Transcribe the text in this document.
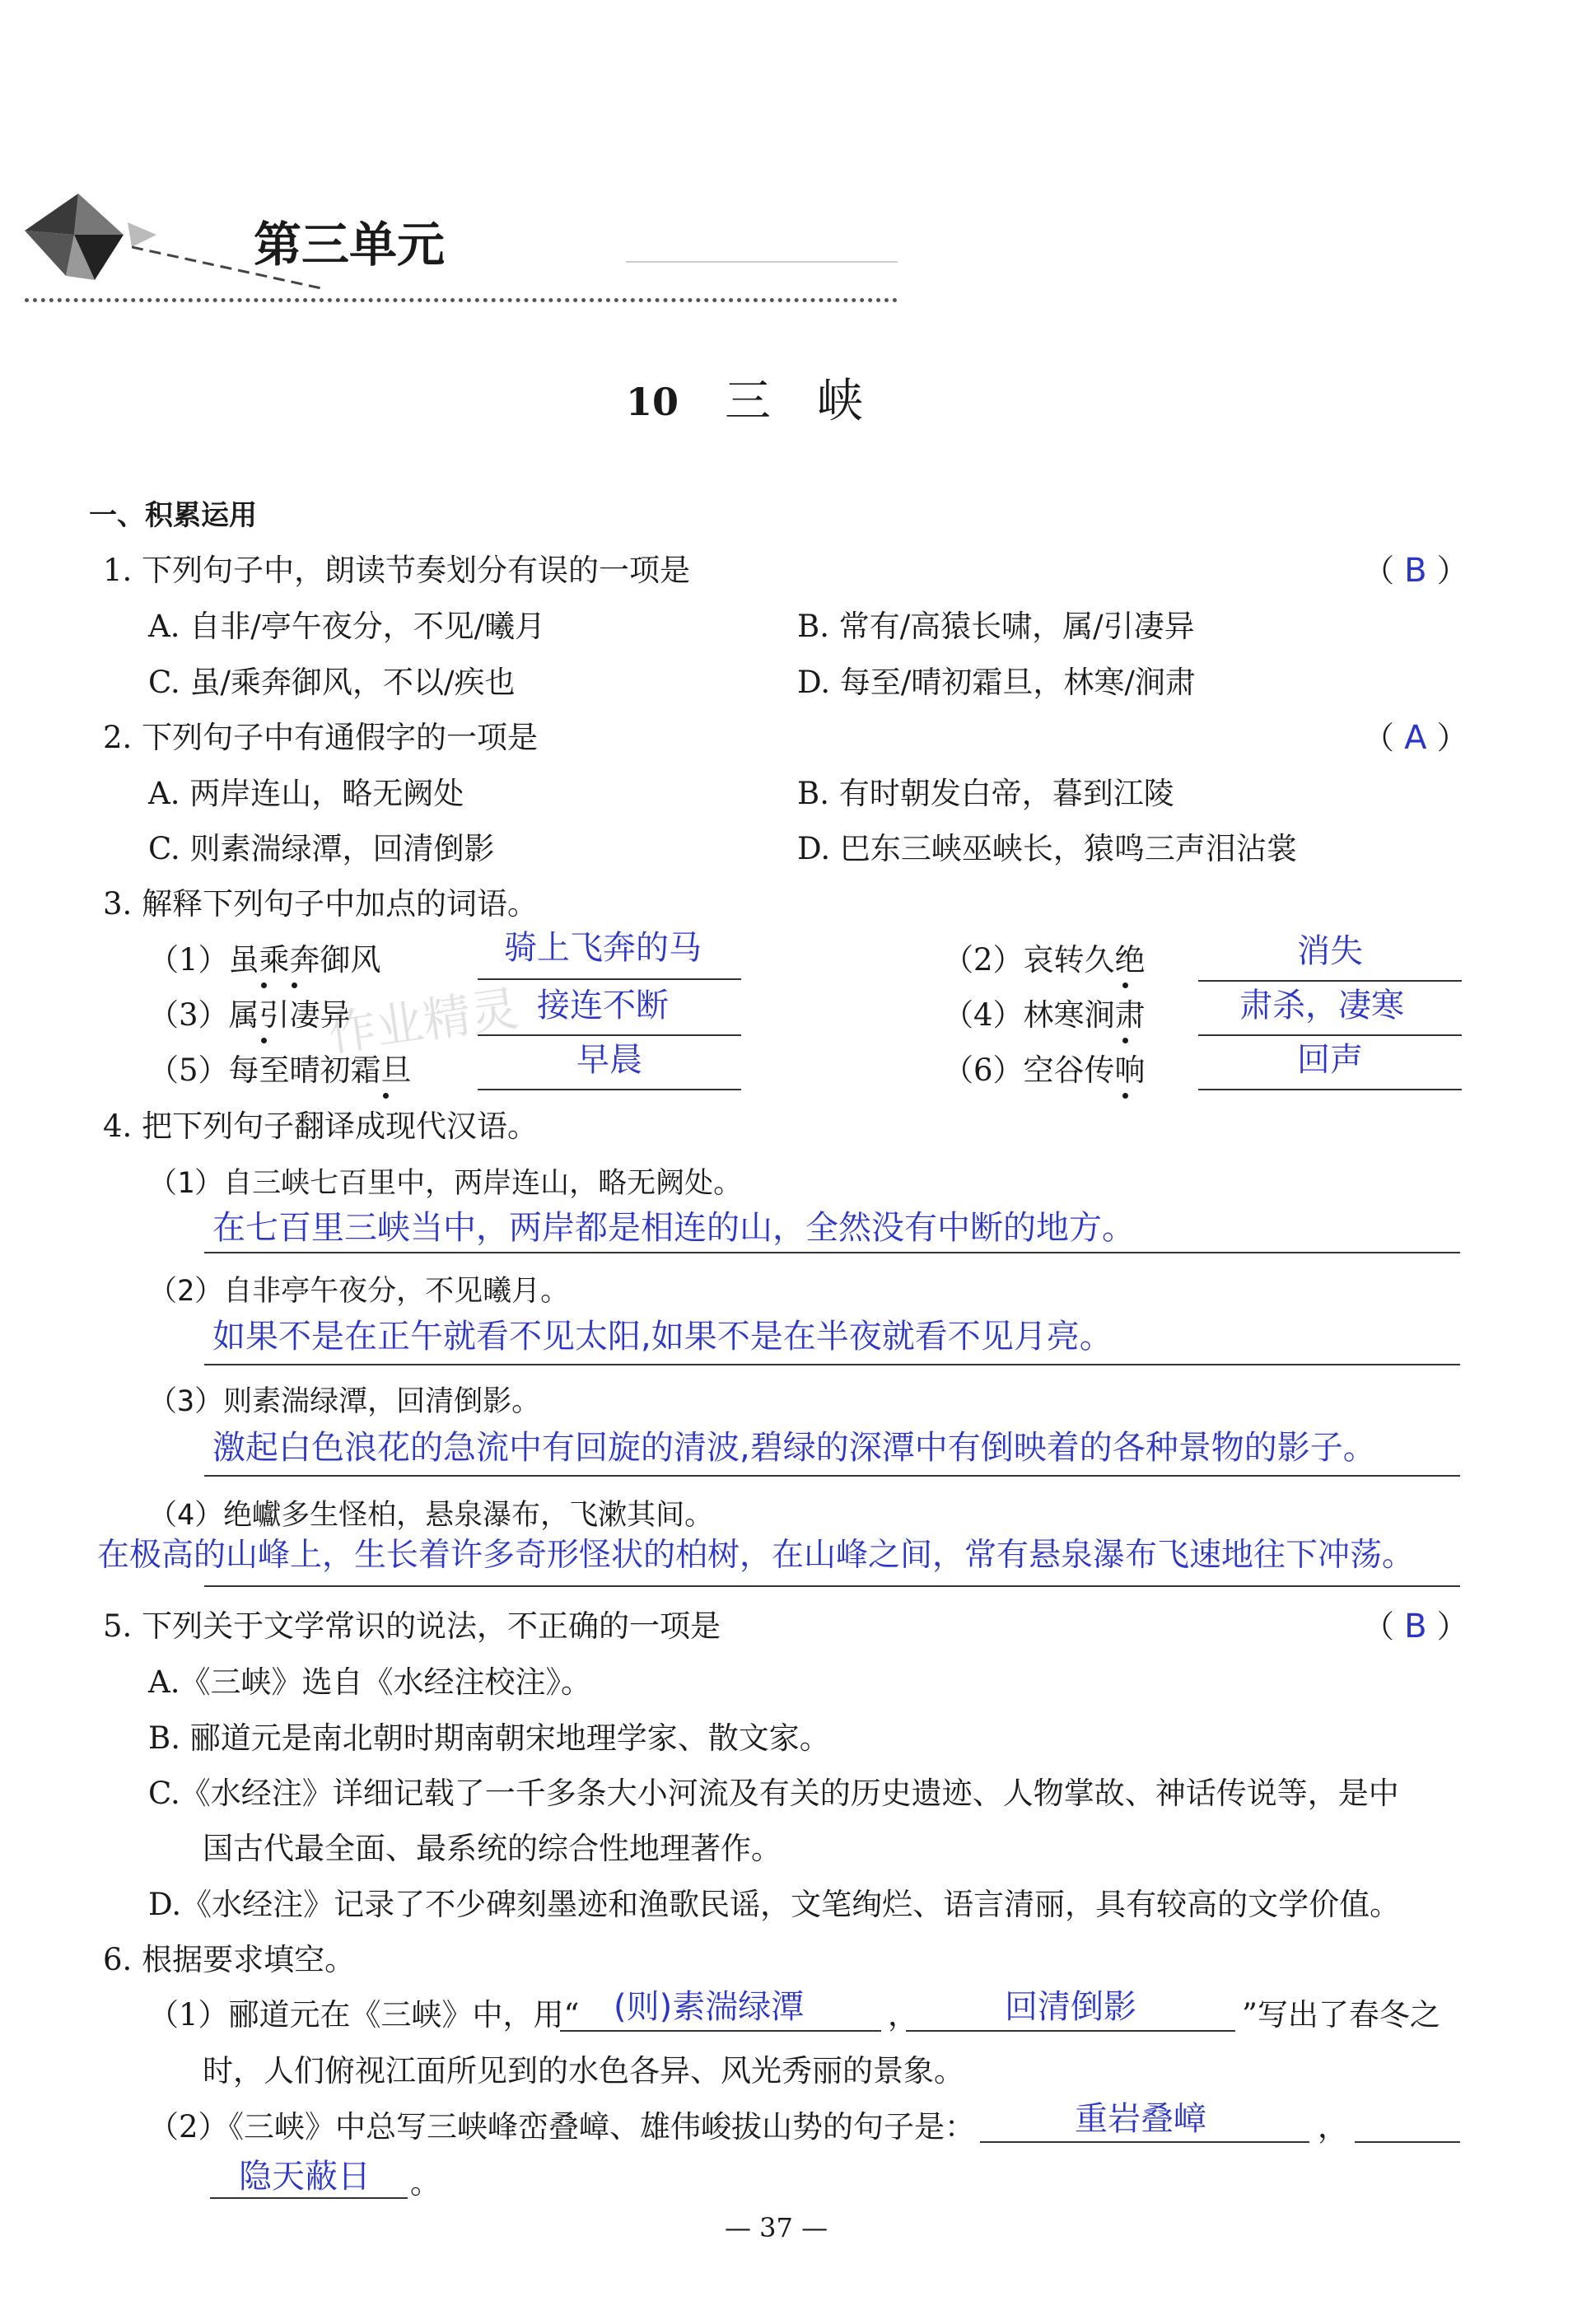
第三单元
10 三　峡
一、积累运用
1. 下列句子中，朗读节奏划分有误的一项是	（ B ）
A. 自非/亭午夜分，不见/曦月	B. 常有/高猿长啸，属/引凄异
C. 虽/乘奔御风，不以/疾也	D. 每至/晴初霜旦，林寒/涧肃
2. 下列句子中有通假字的一项是	（ A ）
A. 两岸连山，略无阙处	B. 有时朝发白帝，暮到江陵
C. 则素湍绿潭，回清倒影	D. 巴东三峡巫峡长，猿鸣三声泪沾裳
3. 解释下列句子中加点的词语。
（1）虽乘奔御风	骑上飞奔的马	（2）哀转久绝	消失
（3）属引凄异	接连不断	（4）林寒涧肃	肃杀，凄寒
（5）每至晴初霜旦	早晨	（6）空谷传响	回声
作业精灵
4. 把下列句子翻译成现代汉语。
（1）自三峡七百里中，两岸连山，略无阙处。
在七百里三峡当中，两岸都是相连的山，全然没有中断的地方。
（2）自非亭午夜分，不见曦月。
如果不是在正午就看不见太阳,如果不是在半夜就看不见月亮。
（3）则素湍绿潭，回清倒影。
激起白色浪花的急流中有回旋的清波,碧绿的深潭中有倒映着的各种景物的影子。
（4）绝巘多生怪柏，悬泉瀑布，飞漱其间。
在极高的山峰上，生长着许多奇形怪状的柏树，在山峰之间，常有悬泉瀑布飞速地往下冲荡。
5. 下列关于文学常识的说法，不正确的一项是	（ B ）
A.《三峡》选自《水经注校注》。
B. 郦道元是南北朝时期南朝宋地理学家、散文家。
C.《水经注》详细记载了一千多条大小河流及有关的历史遗迹、人物掌故、神话传说等，是中
国古代最全面、最系统的综合性地理著作。
D.《水经注》记录了不少碑刻墨迹和渔歌民谣，文笔绚烂、语言清丽，具有较高的文学价值。
6. 根据要求填空。
（1）郦道元在《三峡》中，用“ (则)素湍绿潭	，	回清倒影	”写出了春冬之
时，人们俯视江面所见到的水色各异、风光秀丽的景象。
（2）《三峡》中总写三峡峰峦叠嶂、雄伟峻拔山势的句子是：	重岩叠嶂	，
隐天蔽日 。
— 37 —
